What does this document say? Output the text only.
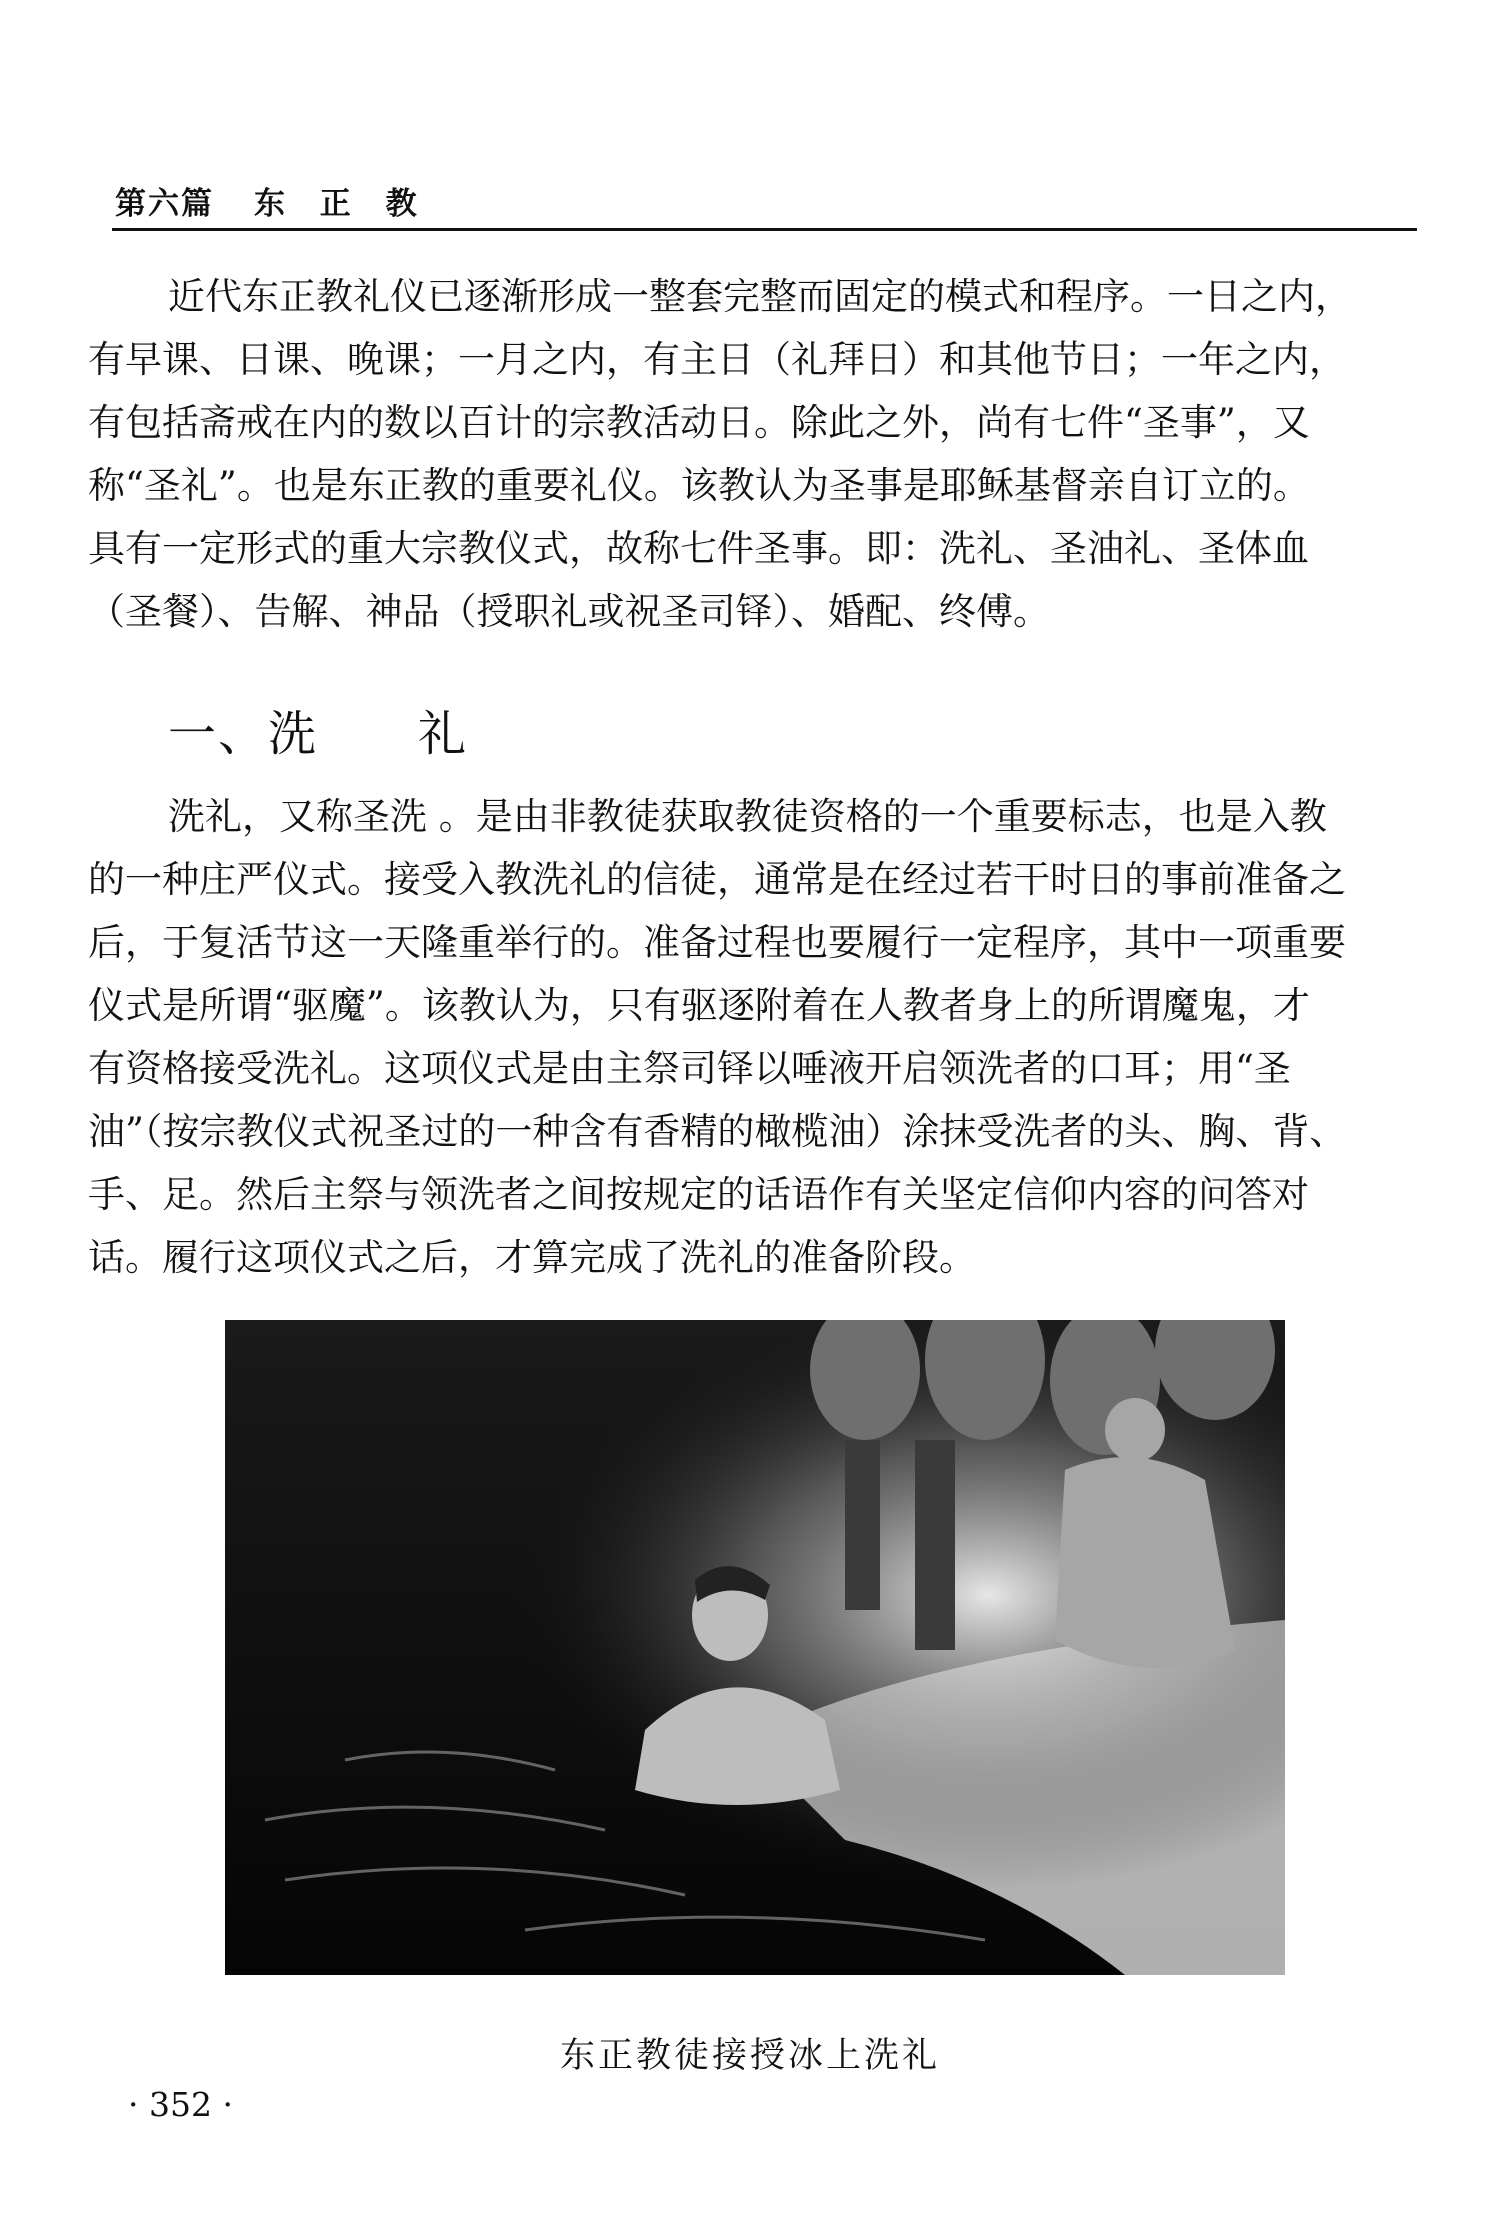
第六篇 东 正 教
近代东正教礼仪已逐渐形成一整套完整而固定的模式和程序。一日之内，
有早课、日课、晚课；一月之内，有主日（礼拜日）和其他节日；一年之内，
有包括斋戒在内的数以百计的宗教活动日。除此之外，尚有七件“圣事”，又
称“圣礼”。也是东正教的重要礼仪。该教认为圣事是耶稣基督亲自订立的。
具有一定形式的重大宗教仪式，故称七件圣事。即：洗礼、圣油礼、圣体血
（圣餐）、告解、神品（授职礼或祝圣司铎）、婚配、终傅。
一、洗 礼
洗礼，又称圣洗 。是由非教徒获取教徒资格的一个重要标志，也是入教
的一种庄严仪式。接受入教洗礼的信徒，通常是在经过若干时日的事前准备之
后，于复活节这一天隆重举行的。准备过程也要履行一定程序，其中一项重要
仪式是所谓“驱魔”。该教认为，只有驱逐附着在人教者身上的所谓魔鬼，才
有资格接受洗礼。这项仪式是由主祭司铎以唾液开启领洗者的口耳；用“圣
油”（按宗教仪式祝圣过的一种含有香精的橄榄油）涂抹受洗者的头、胸、背、
手、足。然后主祭与领洗者之间按规定的话语作有关坚定信仰内容的问答对
话。履行这项仪式之后，才算完成了洗礼的准备阶段。
东正教徒接授冰上洗礼
· 352 ·
